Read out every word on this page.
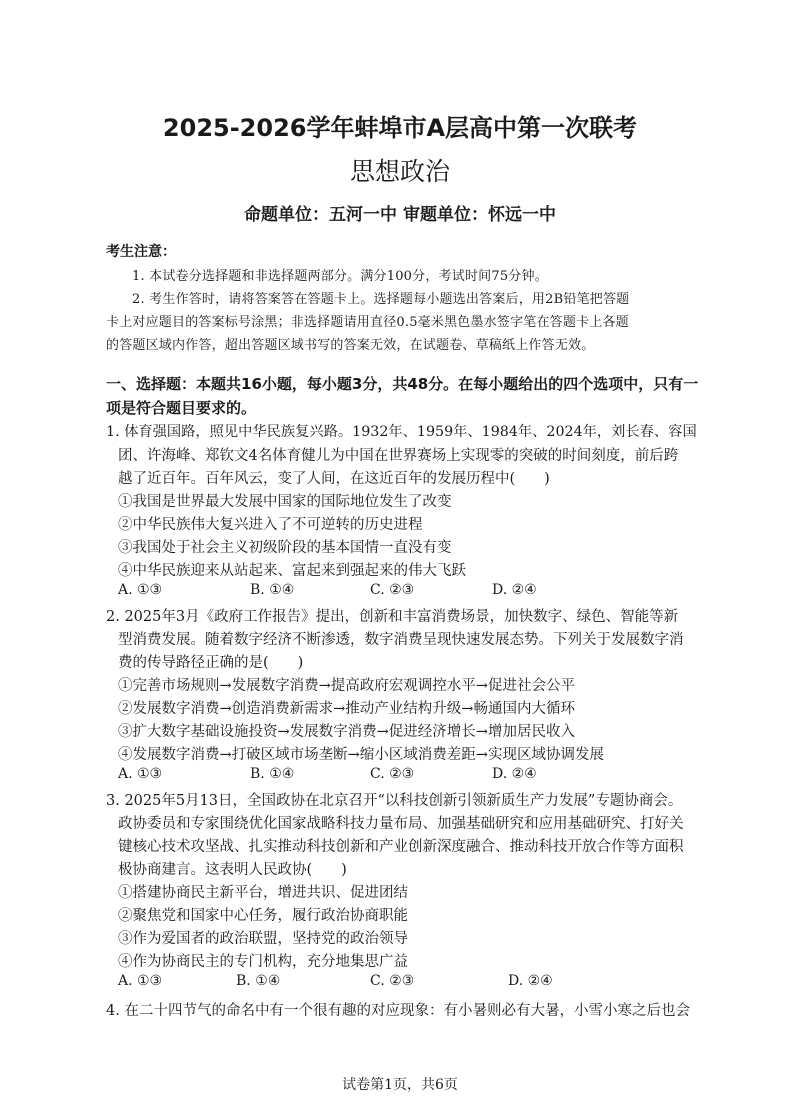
2025-2026学年蚌埠市A层高中第一次联考
思想政治
命题单位：五河一中 审题单位：怀远一中
考生注意：
1. 本试卷分选择题和非选择题两部分。满分100分，考试时间75分钟。
2. 考生作答时，请将答案答在答题卡上。选择题每小题选出答案后，用2B铅笔把答题
卡上对应题目的答案标号涂黑；非选择题请用直径0.5毫米黑色墨水签字笔在答题卡上各题
的答题区域内作答，超出答题区域书写的答案无效，在试题卷、草稿纸上作答无效。
一、选择题：本题共16小题，每小题3分，共48分。在每小题给出的四个选项中，只有一
项是符合题目要求的。
1. 体育强国路，照见中华民族复兴路。1932年、1959年、1984年、2024年，刘长春、容国
团、许海峰、郑钦文4名体育健儿为中国在世界赛场上实现零的突破的时间刻度，前后跨
越了近百年。百年风云，变了人间，在这近百年的发展历程中(　　)
①我国是世界最大发展中国家的国际地位发生了改变
②中华民族伟大复兴进入了不可逆转的历史进程
③我国处于社会主义初级阶段的基本国情一直没有变
④中华民族迎来从站起来、富起来到强起来的伟大飞跃
A. ①③	B. ①④	C. ②③	D. ②④
2. 2025年3月《政府工作报告》提出，创新和丰富消费场景，加快数字、绿色、智能等新
型消费发展。随着数字经济不断渗透，数字消费呈现快速发展态势。下列关于发展数字消
费的传导路径正确的是(　　)
①完善市场规则→发展数字消费→提高政府宏观调控水平→促进社会公平
②发展数字消费→创造消费新需求→推动产业结构升级→畅通国内大循环
③扩大数字基础设施投资→发展数字消费→促进经济增长→增加居民收入
④发展数字消费→打破区域市场垄断→缩小区域消费差距→实现区域协调发展
A. ①③	B. ①④	C. ②③	D. ②④
3. 2025年5月13日，全国政协在北京召开“以科技创新引领新质生产力发展”专题协商会。
政协委员和专家围绕优化国家战略科技力量布局、加强基础研究和应用基础研究、打好关
键核心技术攻坚战、扎实推动科技创新和产业创新深度融合、推动科技开放合作等方面积
极协商建言。这表明人民政协(　　)
①搭建协商民主新平台，增进共识、促进团结
②聚焦党和国家中心任务，履行政治协商职能
③作为爱国者的政治联盟，坚持党的政治领导
④作为协商民主的专门机构，充分地集思广益
A. ①③	B. ①④	C. ②③	D. ②④
4. 在二十四节气的命名中有一个很有趣的对应现象：有小暑则必有大暑，小雪小寒之后也会
试卷第1页，共6页
